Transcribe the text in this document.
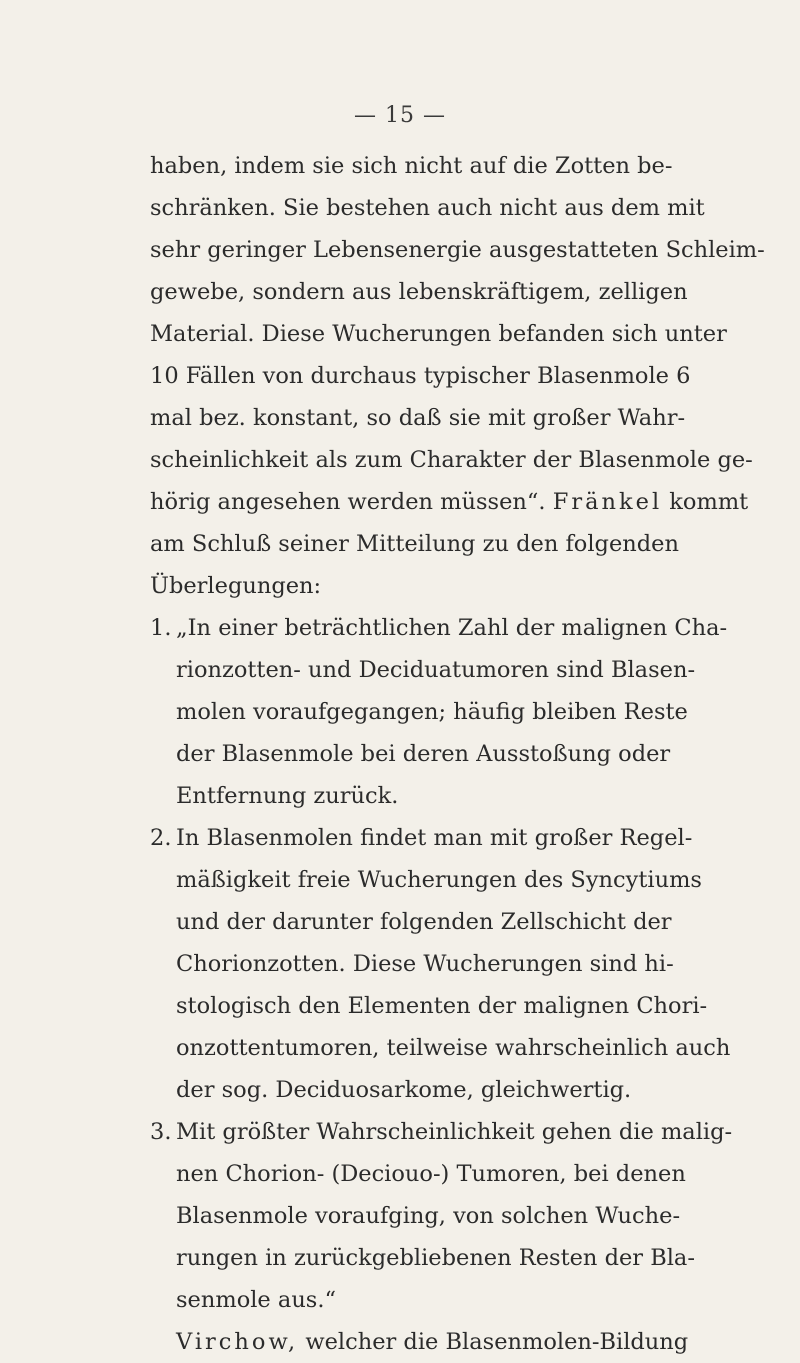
— 15 —
haben, indem sie sich nicht auf die Zotten be-
schränken. Sie bestehen auch nicht aus dem mit
sehr geringer Lebensenergie ausgestatteten Schleim-
gewebe, sondern aus lebenskräftigem, zelligen
Material. Diese Wucherungen befanden sich unter
10 Fällen von durchaus typischer Blasenmole 6
mal bez. konstant, so daß sie mit großer Wahr-
scheinlichkeit als zum Charakter der Blasenmole ge-
hörig angesehen werden müssen“. Fränkel kommt
am Schluß seiner Mitteilung zu den folgenden
Überlegungen:
1. „In einer beträchtlichen Zahl der malignen Cha-
rionzotten- und Deciduatumoren sind Blasen-
molen voraufgegangen; häufig bleiben Reste
der Blasenmole bei deren Ausstoßung oder
Entfernung zurück.
2. In Blasenmolen findet man mit großer Regel-
mäßigkeit freie Wucherungen des Syncytiums
und der darunter folgenden Zellschicht der
Chorionzotten. Diese Wucherungen sind hi-
stologisch den Elementen der malignen Chori-
onzottentumoren, teilweise wahrscheinlich auch
der sog. Deciduosarkome, gleichwertig.
3. Mit größter Wahrscheinlichkeit gehen die malig-
nen Chorion- (Deciouo-) Tumoren, bei denen
Blasenmole voraufging, von solchen Wuche-
rungen in zurückgebliebenen Resten der Bla-
senmole aus.“
Virchow, welcher die Blasenmolen-Bildung
